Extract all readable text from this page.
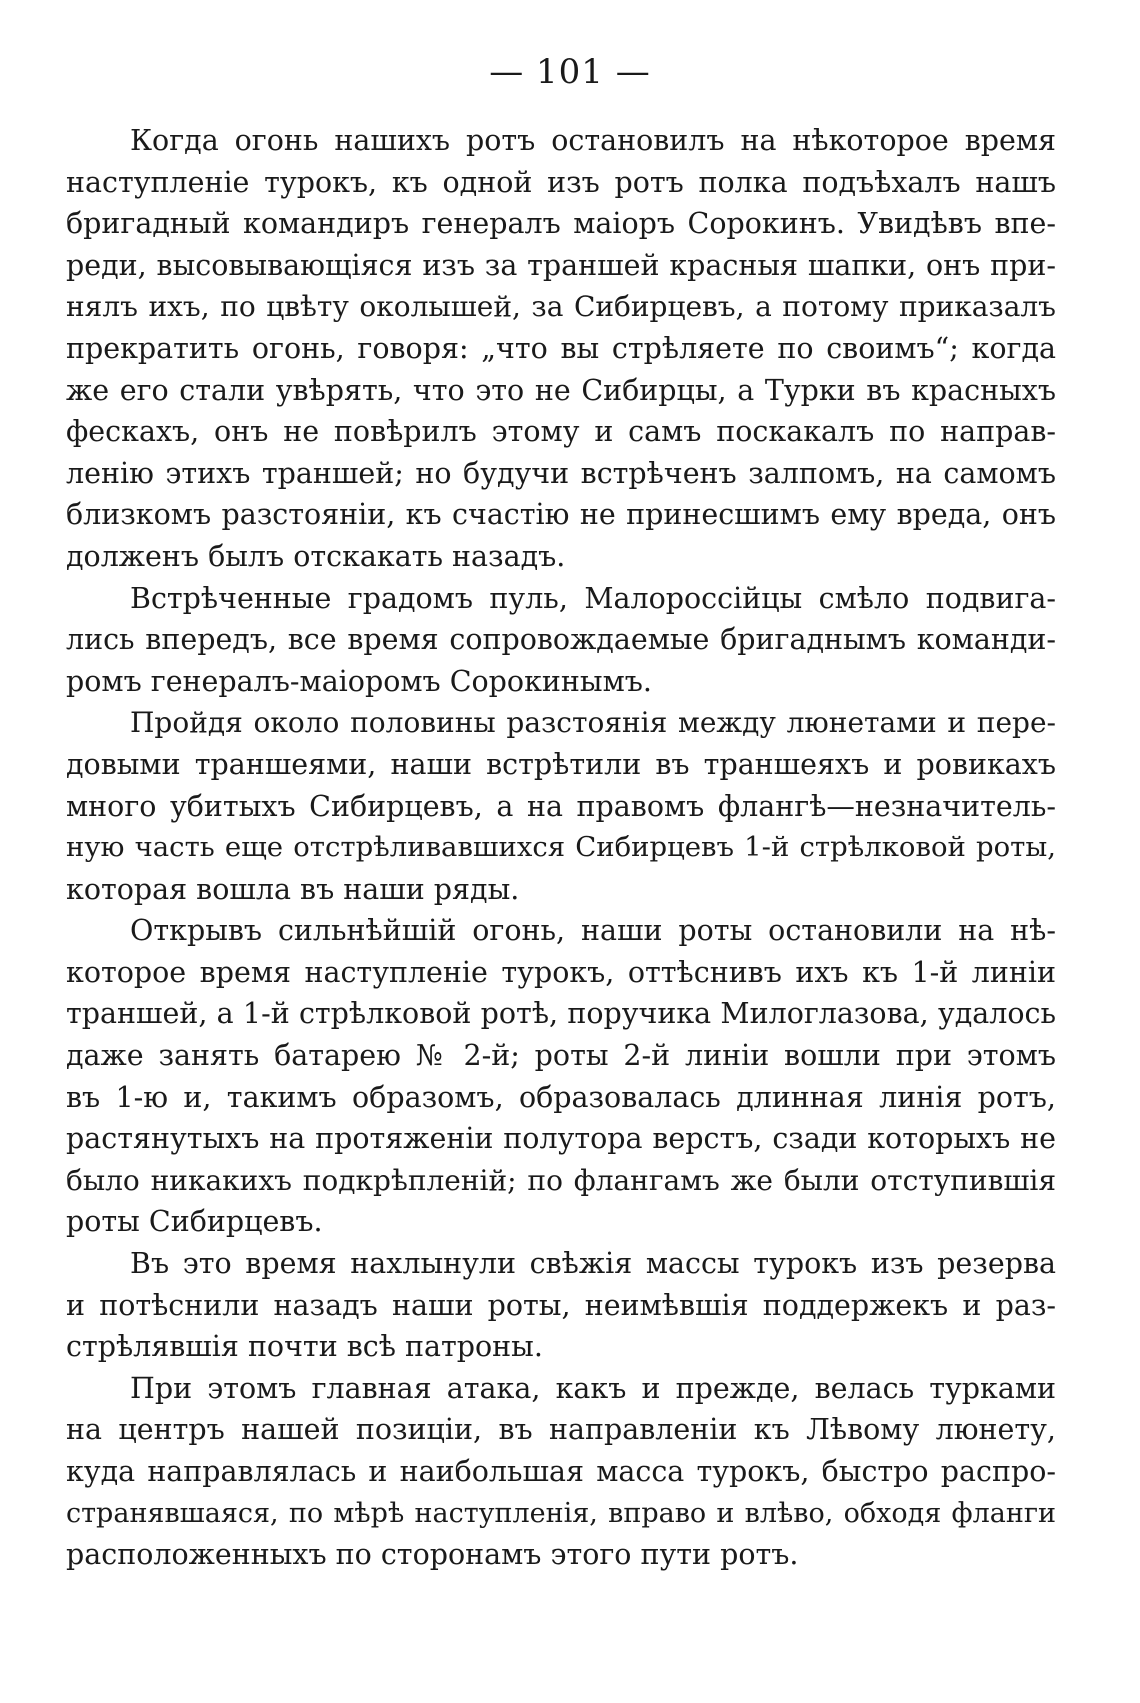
— 101 —

Когда огонь нашихъ ротъ остановилъ на нѣкоторое время
наступленіе турокъ, къ одной изъ ротъ полка подъѣхалъ нашъ
бригадный командиръ генералъ маіоръ Сорокинъ. Увидѣвъ впе-
реди, высовывающіяся изъ за траншей красныя шапки, онъ при-
нялъ ихъ, по цвѣту околышей, за Сибирцевъ, а потому приказалъ
прекратить огонь, говоря: „что вы стрѣляете по своимъ“; когда
же его стали увѣрять, что это не Сибирцы, а Турки въ красныхъ
фескахъ, онъ не повѣрилъ этому и самъ поскакалъ по направ-
ленію этихъ траншей; но будучи встрѣченъ залпомъ, на самомъ
близкомъ разстояніи, къ счастію не принесшимъ ему вреда, онъ
долженъ былъ отскакать назадъ.

Встрѣченные градомъ пуль, Малороссійцы смѣло подвига-
лись впередъ, все время сопровождаемые бригаднымъ команди-
ромъ генералъ-маіоромъ Сорокинымъ.

Пройдя около половины разстоянія между люнетами и пере-
довыми траншеями, наши встрѣтили въ траншеяхъ и ровикахъ
много убитыхъ Сибирцевъ, а на правомъ флангѣ—незначитель-
ную часть еще отстрѣливавшихся Сибирцевъ 1-й стрѣлковой роты,
которая вошла въ наши ряды.

Открывъ сильнѣйшій огонь, наши роты остановили на нѣ-
которое время наступленіе турокъ, оттѣснивъ ихъ къ 1-й линіи
траншей, а 1-й стрѣлковой ротѣ, поручика Милоглазова, удалось
даже занять батарею № 2-й; роты 2-й линіи вошли при этомъ
въ 1-ю и, такимъ образомъ, образовалась длинная линія ротъ,
растянутыхъ на протяженіи полутора верстъ, сзади которыхъ не
было никакихъ подкрѣпленій; по флангамъ же были отступившія
роты Сибирцевъ.

Въ это время нахлынули свѣжія массы турокъ изъ резерва
и потѣснили назадъ наши роты, неимѣвшія поддержекъ и раз-
стрѣлявшія почти всѣ патроны.

При этомъ главная атака, какъ и прежде, велась турками
на центръ нашей позиціи, въ направленіи къ Лѣвому люнету,
куда направлялась и наибольшая масса турокъ, быстро распро-
странявшаяся, по мѣрѣ наступленія, вправо и влѣво, обходя фланги
расположенныхъ по сторонамъ этого пути ротъ.
